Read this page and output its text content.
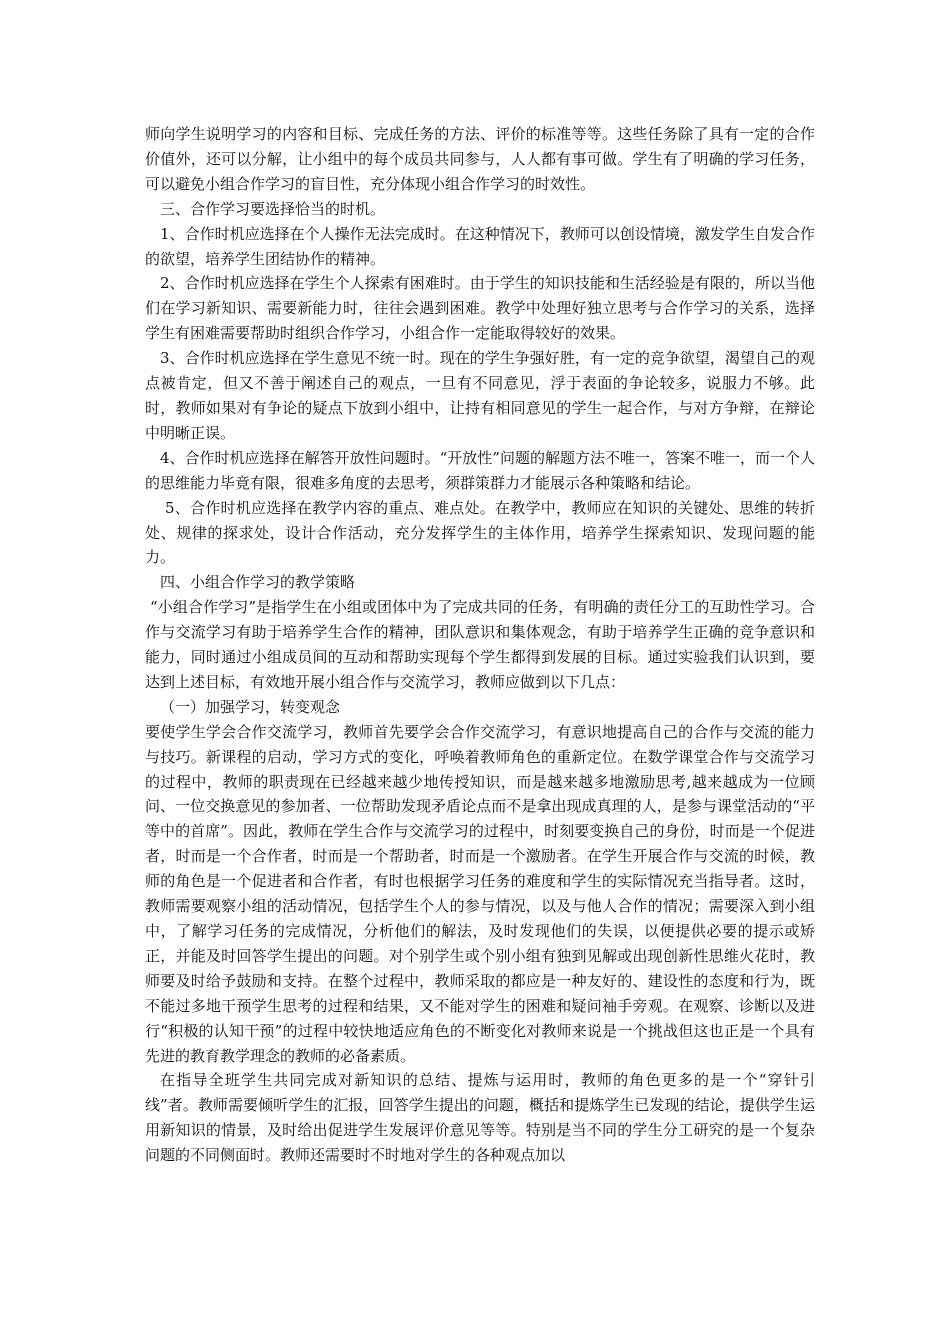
师向学生说明学习的内容和目标、完成任务的方法、评价的标准等等。这些任务除了具有一定的合作价值外，还可以分解，让小组中的每个成员共同参与，人人都有事可做。学生有了明确的学习任务，可以避免小组合作学习的盲目性，充分体现小组合作学习的时效性。

三、合作学习要选择恰当的时机。

1、合作时机应选择在个人操作无法完成时。在这种情况下，教师可以创设情境，激发学生自发合作的欲望，培养学生团结协作的精神。

2、合作时机应选择在学生个人探索有困难时。由于学生的知识技能和生活经验是有限的，所以当他们在学习新知识、需要新能力时，往往会遇到困难。教学中处理好独立思考与合作学习的关系，选择学生有困难需要帮助时组织合作学习，小组合作一定能取得较好的效果。

3、合作时机应选择在学生意见不统一时。现在的学生争强好胜，有一定的竞争欲望，渴望自己的观点被肯定，但又不善于阐述自己的观点，一旦有不同意见，浮于表面的争论较多，说服力不够。此时，教师如果对有争论的疑点下放到小组中，让持有相同意见的学生一起合作，与对方争辩，在辩论中明晰正误。

4、合作时机应选择在解答开放性问题时。“开放性”问题的解题方法不唯一，答案不唯一，而一个人的思维能力毕竟有限，很难多角度的去思考，须群策群力才能展示各种策略和结论。

5、合作时机应选择在教学内容的重点、难点处。在教学中，教师应在知识的关键处、思维的转折处、规律的探求处，设计合作活动，充分发挥学生的主体作用，培养学生探索知识、发现问题的能力。

四、小组合作学习的教学策略

“小组合作学习”是指学生在小组或团体中为了完成共同的任务，有明确的责任分工的互助性学习。合作与交流学习有助于培养学生合作的精神，团队意识和集体观念，有助于培养学生正确的竞争意识和能力，同时通过小组成员间的互动和帮助实现每个学生都得到发展的目标。通过实验我们认识到，要达到上述目标，有效地开展小组合作与交流学习，教师应做到以下几点：

（一）加强学习，转变观念

要使学生学会合作交流学习，教师首先要学会合作交流学习，有意识地提高自己的合作与交流的能力与技巧。新课程的启动，学习方式的变化，呼唤着教师角色的重新定位。在数学课堂合作与交流学习的过程中，教师的职责现在已经越来越少地传授知识，而是越来越多地激励思考,越来越成为一位顾问、一位交换意见的参加者、一位帮助发现矛盾论点而不是拿出现成真理的人，是参与课堂活动的“平等中的首席”。因此，教师在学生合作与交流学习的过程中，时刻要变换自己的身份，时而是一个促进者，时而是一个合作者，时而是一个帮助者，时而是一个激励者。在学生开展合作与交流的时候，教师的角色是一个促进者和合作者，有时也根据学习任务的难度和学生的实际情况充当指导者。这时，教师需要观察小组的活动情况，包括学生个人的参与情况，以及与他人合作的情况；需要深入到小组中，了解学习任务的完成情况，分析他们的解法，及时发现他们的失误，以便提供必要的提示或矫正，并能及时回答学生提出的问题。对个别学生或个别小组有独到见解或出现创新性思维火花时，教师要及时给予鼓励和支持。在整个过程中，教师采取的都应是一种友好的、建设性的态度和行为，既不能过多地干预学生思考的过程和结果，又不能对学生的困难和疑问袖手旁观。在观察、诊断以及进行“积极的认知干预”的过程中较快地适应角色的不断变化对教师来说是一个挑战但这也正是一个具有先进的教育教学理念的教师的必备素质。

在指导全班学生共同完成对新知识的总结、提炼与运用时，教师的角色更多的是一个“穿针引线”者。教师需要倾听学生的汇报，回答学生提出的问题，概括和提炼学生已发现的结论，提供学生运用新知识的情景，及时给出促进学生发展评价意见等等。特别是当不同的学生分工研究的是一个复杂问题的不同侧面时。教师还需要时不时地对学生的各种观点加以
